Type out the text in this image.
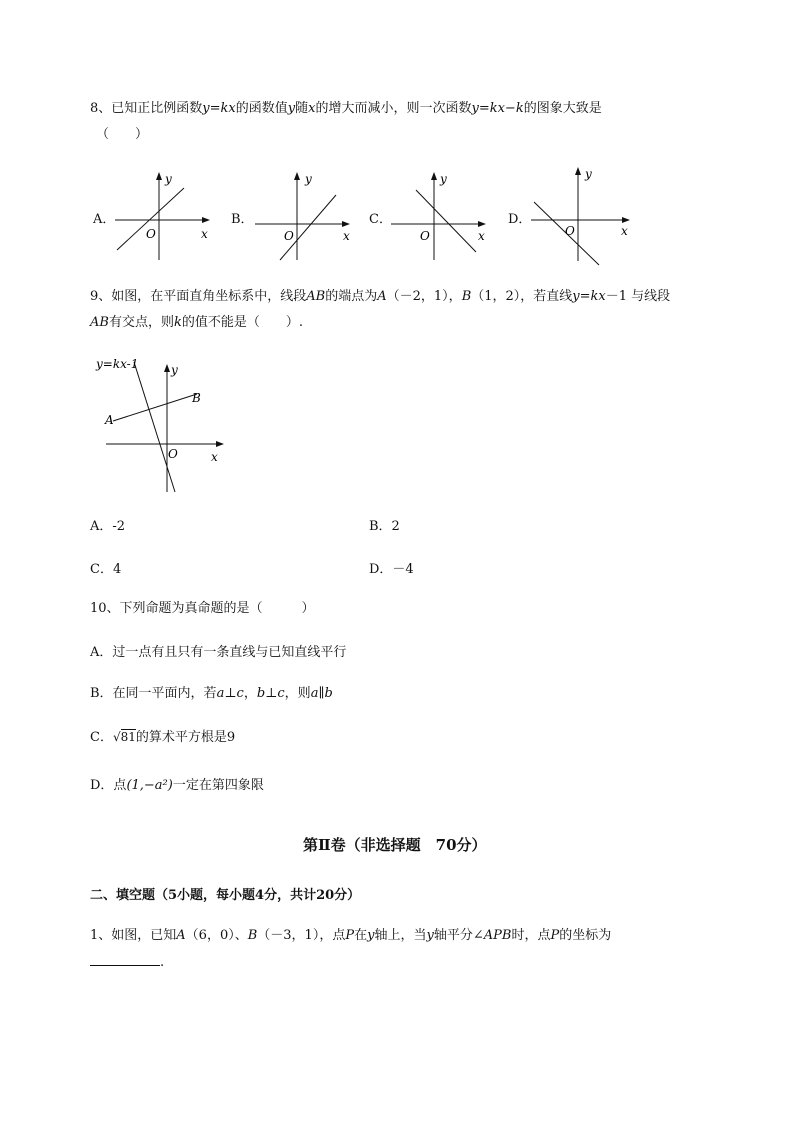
8、已知正比例函数y=kx的函数值y随x的增大而减小，则一次函数y=kx−k的图象大致是
（　　）
A．
y
x
O
B．
y
x
O
C．
y
x
O
D．
y
x
O
9、如图，在平面直角坐标系中，线段AB的端点为A（－2，1），B（1，2），若直线y=kx－1 与线段
AB有交点，则k的值不能是（　　）.
y=kx-1	y
A
B
O	x
A．-2	B．2
C．4	D．－4
10、下列命题为真命题的是（　　　）
A．过一点有且只有一条直线与已知直线平行
B．在同一平面内，若a⊥c，b⊥c，则a∥b
C．√81的算术平方根是9
D．点(1,−a²)一定在第四象限
第Ⅱ卷（非选择题　70分）
二、填空题（5小题，每小题4分，共计20分）
1、如图，已知A（6，0）、B（－3，1），点P在y轴上，当y轴平分∠APB时，点P的坐标为
.
